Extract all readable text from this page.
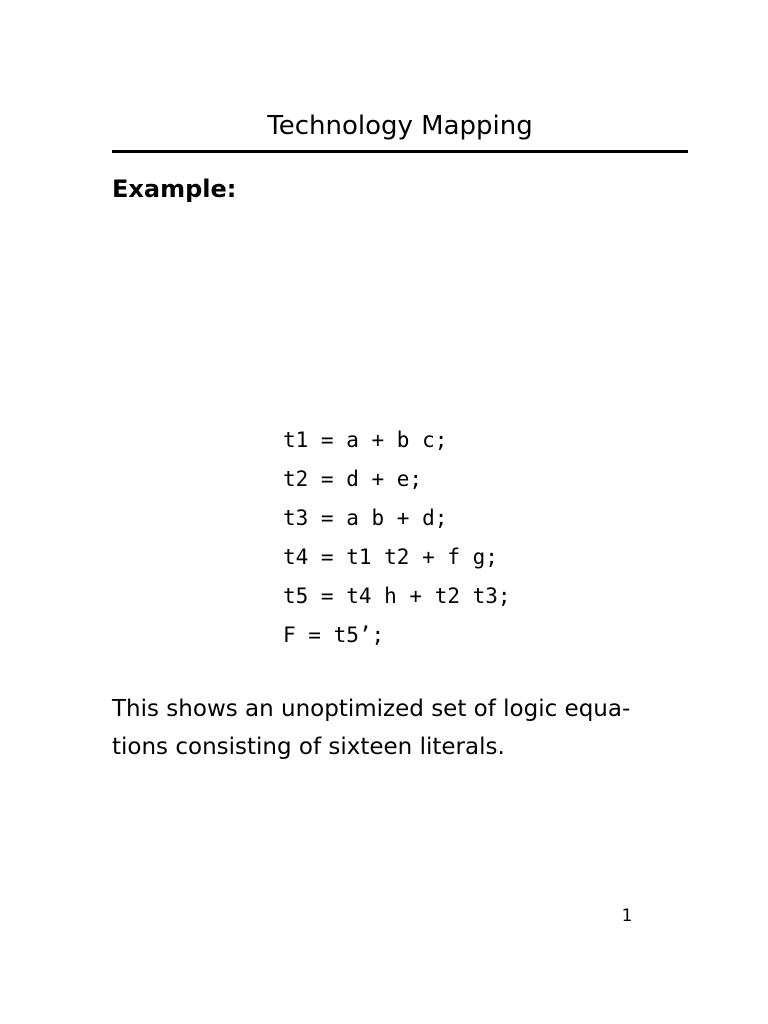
Technology Mapping

Example:

t1 = a + b c;
t2 = d + e;
t3 = a b + d;
t4 = t1 t2 + f g;
t5 = t4 h + t2 t3;
F = t5’;

This shows an unoptimized set of logic equa-
tions consisting of sixteen literals.

1
